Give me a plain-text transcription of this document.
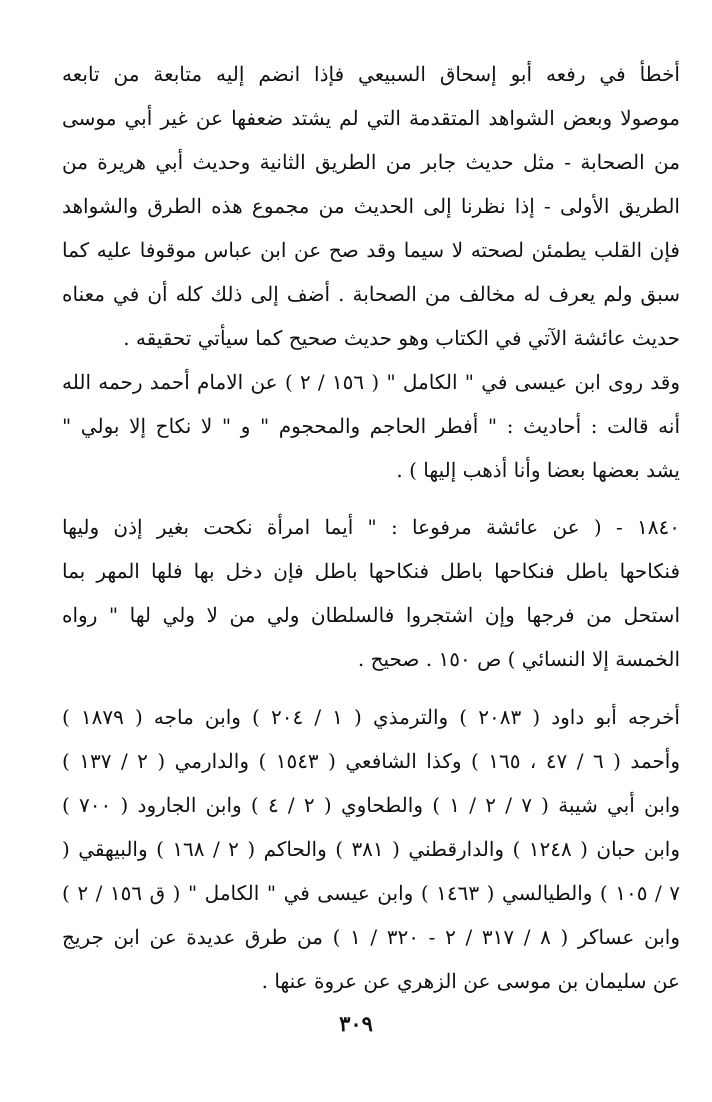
أخطأ في رفعه أبو إسحاق السبيعي فإذا انضم إليه متابعة من تابعه
موصولا وبعض الشواهد المتقدمة التي لم يشتد ضعفها عن غير أبي موسى
من الصحابة - مثل حديث جابر من الطريق الثانية وحديث أبي هريرة من
الطريق الأولى - إذا نظرنا إلى الحديث من مجموع هذه الطرق والشواهد
فإن القلب يطمئن لصحته لا سيما وقد صح عن ابن عباس موقوفا عليه كما
سبق ولم يعرف له مخالف من الصحابة . أضف إلى ذلك كله أن في معناه
حديث عائشة الآتي في الكتاب وهو حديث صحيح كما سيأتي تحقيقه .
وقد روى ابن عيسى في " الكامل " ( ١٥٦ / ٢ ) عن الامام أحمد رحمه الله
أنه قالت : أحاديث : " أفطر الحاجم والمحجوم " و " لا نكاح إلا بولي "
يشد بعضها بعضا وأنا أذهب إليها ) .
١٨٤٠ - ( عن عائشة مرفوعا : " أيما امرأة نكحت بغير إذن وليها
فنكاحها باطل فنكاحها باطل فنكاحها باطل فإن دخل بها فلها المهر بما
استحل من فرجها وإن اشتجروا فالسلطان ولي من لا ولي لها " رواه
الخمسة إلا النسائي ) ص ١٥٠ . صحيح .
أخرجه أبو داود ( ٢٠٨٣ ) والترمذي ( ١ / ٢٠٤ ) وابن ماجه ( ١٨٧٩ )
وأحمد ( ٦ / ٤٧ ، ١٦٥ ) وكذا الشافعي ( ١٥٤٣ ) والدارمي ( ٢ / ١٣٧ )
وابن أبي شيبة ( ٧ / ٢ / ١ ) والطحاوي ( ٢ / ٤ ) وابن الجارود ( ٧٠٠ )
وابن حبان ( ١٢٤٨ ) والدارقطني ( ٣٨١ ) والحاكم ( ٢ / ١٦٨ ) والبيهقي (
٧ / ١٠٥ ) والطيالسي ( ١٤٦٣ ) وابن عيسى في " الكامل " ( ق ١٥٦ / ٢ )
وابن عساكر ( ٨ / ٣١٧ / ٢ - ٣٢٠ / ١ ) من طرق عديدة عن ابن جريج
عن سليمان بن موسى عن الزهري عن عروة عنها .
٣٠٩
